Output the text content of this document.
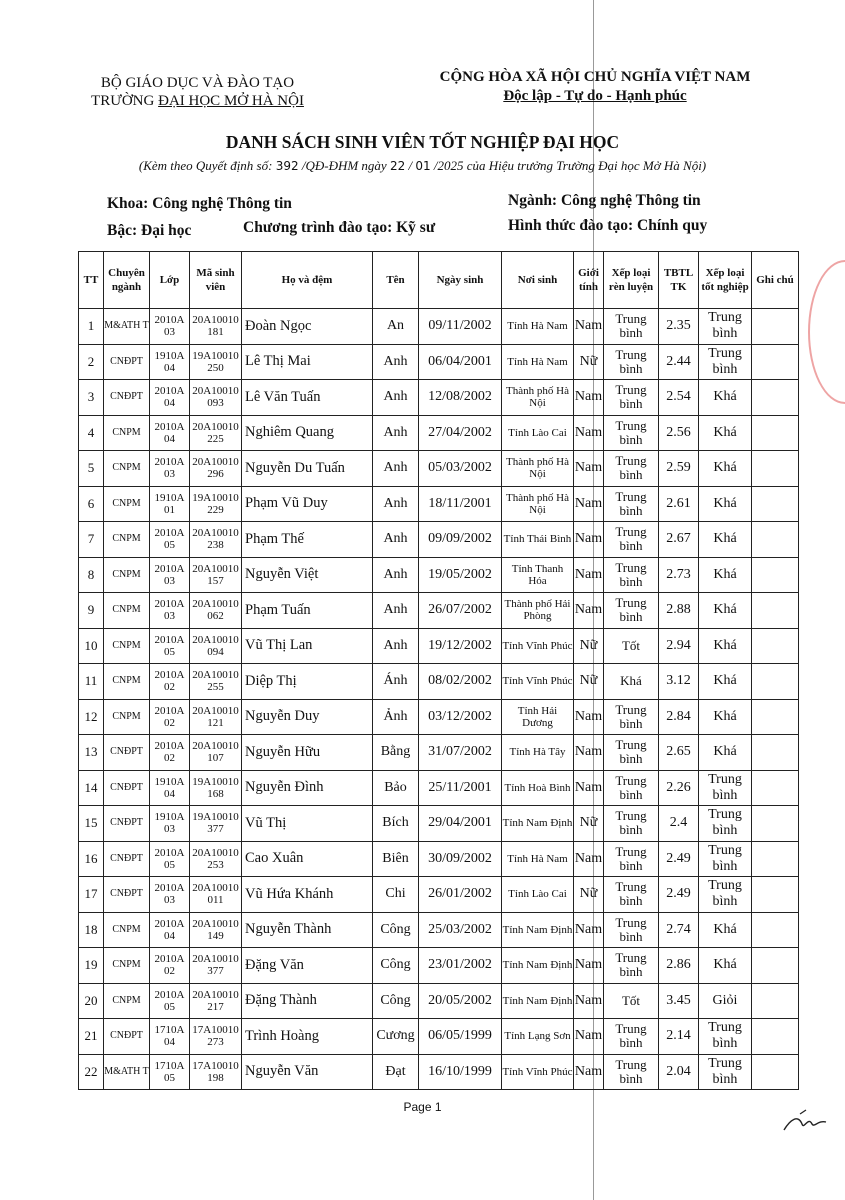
BỘ GIÁO DỤC VÀ ĐÀO TẠO
TRƯỜNG ĐẠI HỌC MỞ HÀ NỘI
CỘNG HÒA XÃ HỘI CHỦ NGHĨA VIỆT NAM
Độc lập - Tự do - Hạnh phúc
DANH SÁCH SINH VIÊN TỐT NGHIỆP ĐẠI HỌC
(Kèm theo Quyết định số: 392 /QĐ-ĐHM ngày 22 / 01 /2025 của Hiệu trưởng Trường Đại học Mở Hà Nội)
Khoa: Công nghệ Thông tin	Ngành: Công nghệ Thông tin
Bậc: Đại học	Chương trình đào tạo: Kỹ sư	Hình thức đào tạo: Chính quy
TT	Chuyên ngành	Lớp	Mã sinh viên	Họ và đệm	Tên	Ngày sinh	Nơi sinh	Giới tính	Xếp loại rèn luyện	TBTL TK	Xếp loại tốt nghiệp	Ghi chú
1	M&ATH T	2010A 03	20A10010 181	Đoàn Ngọc	An	09/11/2002	Tỉnh Hà Nam	Nam	Trung bình	2.35	Trung bình	
2	CNĐPT	1910A 04	19A10010 250	Lê Thị Mai	Anh	06/04/2001	Tỉnh Hà Nam	Nữ	Trung bình	2.44	Trung bình	
3	CNĐPT	2010A 04	20A10010 093	Lê Văn Tuấn	Anh	12/08/2002	Thành phố Hà Nội	Nam	Trung bình	2.54	Khá	
4	CNPM	2010A 04	20A10010 225	Nghiêm Quang	Anh	27/04/2002	Tỉnh Lào Cai	Nam	Trung bình	2.56	Khá	
5	CNPM	2010A 03	20A10010 296	Nguyễn Du Tuấn	Anh	05/03/2002	Thành phố Hà Nội	Nam	Trung bình	2.59	Khá	
6	CNPM	1910A 01	19A10010 229	Phạm Vũ Duy	Anh	18/11/2001	Thành phố Hà Nội	Nam	Trung bình	2.61	Khá	
7	CNPM	2010A 05	20A10010 238	Phạm Thế	Anh	09/09/2002	Tỉnh Thái Bình	Nam	Trung bình	2.67	Khá	
8	CNPM	2010A 03	20A10010 157	Nguyễn Việt	Anh	19/05/2002	Tỉnh Thanh Hóa	Nam	Trung bình	2.73	Khá	
9	CNPM	2010A 03	20A10010 062	Phạm Tuấn	Anh	26/07/2002	Thành phố Hải Phòng	Nam	Trung bình	2.88	Khá	
10	CNPM	2010A 05	20A10010 094	Vũ Thị Lan	Anh	19/12/2002	Tỉnh Vĩnh Phúc	Nữ	Tốt	2.94	Khá	
11	CNPM	2010A 02	20A10010 255	Diệp Thị	Ánh	08/02/2002	Tỉnh Vĩnh Phúc	Nữ	Khá	3.12	Khá	
12	CNPM	2010A 02	20A10010 121	Nguyễn Duy	Ảnh	03/12/2002	Tỉnh Hải Dương	Nam	Trung bình	2.84	Khá	
13	CNĐPT	2010A 02	20A10010 107	Nguyễn Hữu	Bằng	31/07/2002	Tỉnh Hà Tây	Nam	Trung bình	2.65	Khá	
14	CNĐPT	1910A 04	19A10010 168	Nguyễn Đình	Bảo	25/11/2001	Tỉnh Hoà Bình	Nam	Trung bình	2.26	Trung bình	
15	CNĐPT	1910A 03	19A10010 377	Vũ Thị	Bích	29/04/2001	Tỉnh Nam Định	Nữ	Trung bình	2.4	Trung bình	
16	CNĐPT	2010A 05	20A10010 253	Cao Xuân	Biên	30/09/2002	Tỉnh Hà Nam	Nam	Trung bình	2.49	Trung bình	
17	CNĐPT	2010A 03	20A10010 011	Vũ Hứa Khánh	Chi	26/01/2002	Tỉnh Lào Cai	Nữ	Trung bình	2.49	Trung bình	
18	CNPM	2010A 04	20A10010 149	Nguyễn Thành	Công	25/03/2002	Tỉnh Nam Định	Nam	Trung bình	2.74	Khá	
19	CNPM	2010A 02	20A10010 377	Đặng Văn	Công	23/01/2002	Tỉnh Nam Định	Nam	Trung bình	2.86	Khá	
20	CNPM	2010A 05	20A10010 217	Đặng Thành	Công	20/05/2002	Tỉnh Nam Định	Nam	Tốt	3.45	Giỏi	
21	CNĐPT	1710A 04	17A10010 273	Trình Hoàng	Cương	06/05/1999	Tỉnh Lạng Sơn	Nam	Trung bình	2.14	Trung bình	
22	M&ATH T	1710A 05	17A10010 198	Nguyễn Văn	Đạt	16/10/1999	Tỉnh Vĩnh Phúc	Nam	Trung bình	2.04	Trung bình	
Page 1
